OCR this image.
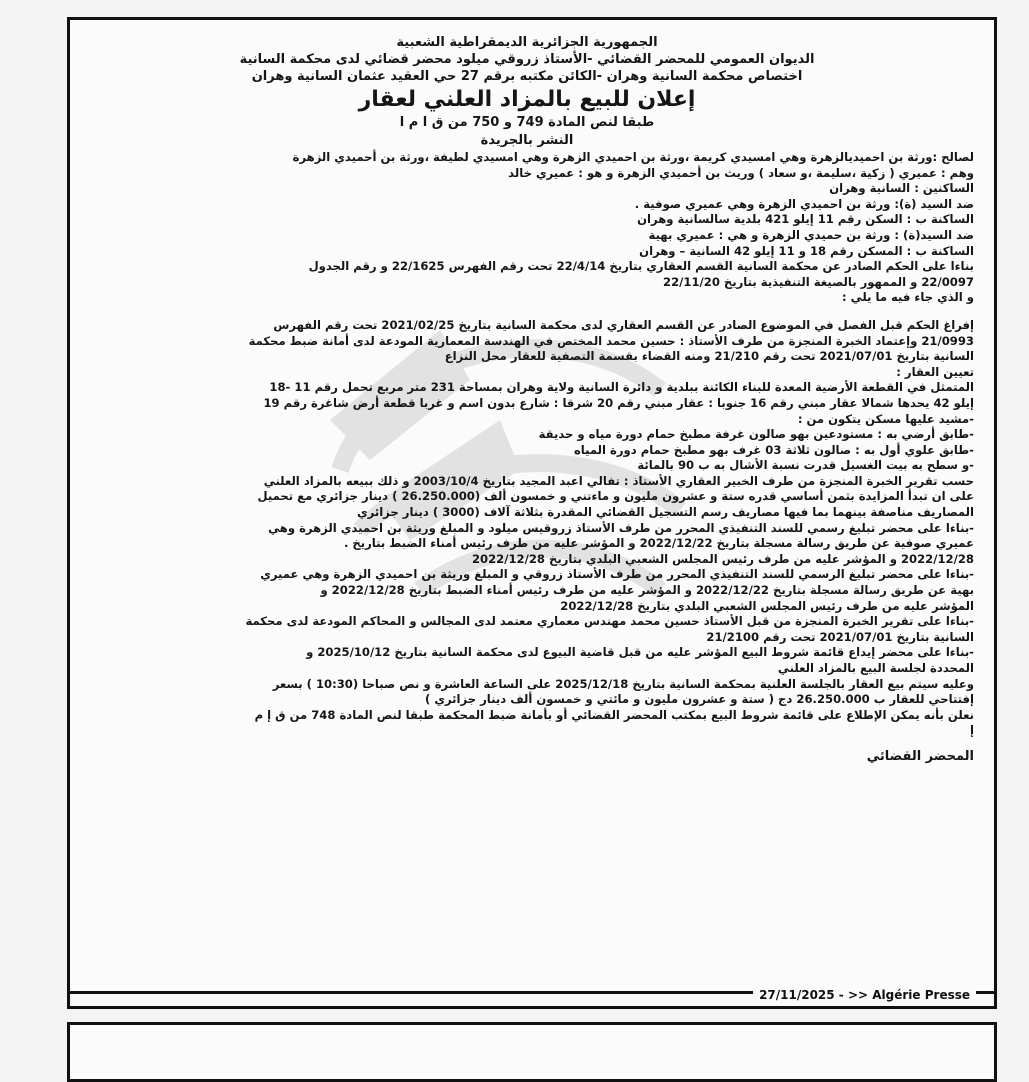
الجمهورية الجزائرية الديمقراطية الشعبية
الديوان العمومي للمحضر القضائي -الأستاذ زروقي ميلود محضر قضائي لدى محكمة السانية
اختصاص محكمة السانية وهران -الكائن مكتبه برقم 27 حي العقيد عثمان السانية وهران
إعلان للبيع بالمزاد العلني لعقار
طبقا لنص المادة 749 و 750 من ق ا م ا
النشر بالجريدة

لصالح :ورثة بن احميديالزهرة وهي امسيدي كريمة ،ورثة بن احميدي الزهرة وهي امسيدي لطيفة ،ورثة بن أحميدي الزهرة

وهم : عميري ( زكية ،سليمة ،و سعاد ) وريث بن أحميدي الزهرة و هو : عميري خالد

الساكنين : السانية وهران

ضد السيد (ة): ورثة بن احميدي الزهرة وهي عميري صوفية .

الساكنة ب : السكن رقم 11 إيلو 421 بلدية سالسانية وهران

ضد السيد(ة) : ورثة بن حميدي الزهرة و هي : عميري بهية

الساكنة ب : المسكن رقم 18 و 11 إيلو 42 السانية – وهران

بناءا على الحكم الصادر عن محكمة السانية القسم العقاري بتاريخ 22/4/14 تحت رقم الفهرس 22/1625 و رقم الجدول

22/0097 و الممهور بالصيغة التنفيذية بتاريخ 22/11/20

و الذي جاء فيه ما يلي :

إفراغ الحكم قبل الفصل في الموضوع الصادر عن القسم العقاري لدى محكمة السانية بتاريخ 2021/02/25 تحت رقم الفهرس

21/0993 وإعتماد الخبرة المنجزة من طرف الأستاذ : حسين محمد المختص في الهندسة المعمارية المودعة لدى أمانة ضبط محكمة

السانية بتاريخ 2021/07/01 تحت رقم 21/210 ومنه القضاء بقسمة التصفية للعقار محل النزاع

تعيين العقار :

المتمثل في القطعة الأرضية المعدة للبناء الكائنة ببلدية و دائرة السانية ولاية وهران بمساحة 231 متر مربع تحمل رقم 11 -18

إيلو 42 يحدها شمالا عقار مبني رقم 16 جنوبا : عقار مبني رقم 20 شرقا : شارع بدون اسم و غربا قطعة أرض شاغرة رقم 19

-مشيد عليها مسكن يتكون من :

-طابق أرضي به : مستودعين بهو صالون غرفة مطبخ حمام دورة مياه و حديقة

-طابق علوي أول به : صالون ثلاثة 03 غرف بهو مطبخ حمام دورة المياه

-و سطح به بيت الغسيل قدرت نسبة الأشال به ب 90 بالمائة

حسب تقرير الخبرة المنجزة من طرف الخبير العقاري الأستاذ : تفالي اعبد المجيد بتاريخ 2003/10/4 و ذلك ببيعه بالمزاد العلني

على ان تبدأ المزايدة بثمن أساسي قدره ستة و عشرون مليون و ماءتني و خمسون ألف (26.250.000 ) دينار جزائري مع تحميل

المصاريف مناصفة بينهما بما فيها مصاريف رسم التسجيل القضائي المقدرة بثلاثة آلاف (3000 ) دينار جزائري

-بناءا على محضر تبليغ رسمي للسند التنفيذي المحرر من طرف الأستاذ زروقيس ميلود و المبلغ وريثة بن احميدي الزهرة وهي

عميري صوفية عن طريق رسالة مسجلة بتاريخ 2022/12/22 و المؤشر عليه من طرف رئيس أمناء الضبط بتاريخ .

2022/12/28 و المؤشر عليه من طرف رئيس المجلس الشعبي البلدي بتاريخ 2022/12/28

-بناءا على محضر تبليغ الرسمي للسند التنفيذي المحرر من طرف الأستاذ زروقي و المبلغ وريثة بن احميدي الزهرة وهي عميري

بهية عن طريق رسالة مسجلة بتاريخ 2022/12/22 و المؤشر عليه من طرف رئيس أمناء الضبط بتاريخ 2022/12/28 و

المؤشر عليه من طرف رئيس المجلس الشعبي البلدي بتاريخ 2022/12/28

-بناءا على تقرير الخبرة المنجزة من قبل الأستاذ حسين محمد مهندس معماري معتمد لدى المجالس و المحاكم المودعة لدى محكمة

السانية بتاريخ 2021/07/01 تحت رقم 21/2100

-بناءا على محضر إيداع قائمة شروط البيع المؤشر عليه من قبل قاضية البيوع لدى محكمة السانية بتاريخ 2025/10/12 و

المحددة لجلسة البيع بالمزاد العلني

وعليه سيتم بيع العقار بالجلسة العلنية بمحكمة السانية بتاريخ 2025/12/18 على الساعة العاشرة و نص صباحا (10:30 ) بسعر

إفتتاحي للعقار ب 26.250.000 دج ( ستة و عشرون مليون و مائتي و خمسون ألف دينار جزائري )

نعلن بأنه يمكن الإطلاع على قائمة شروط البيع بمكتب المحضر القضائي أو بأمانة ضبط المحكمة طبقا لنص المادة 748 من ق إ م

إ

المحضر القضائي
27/11/2025 - >> Algérie Presse
